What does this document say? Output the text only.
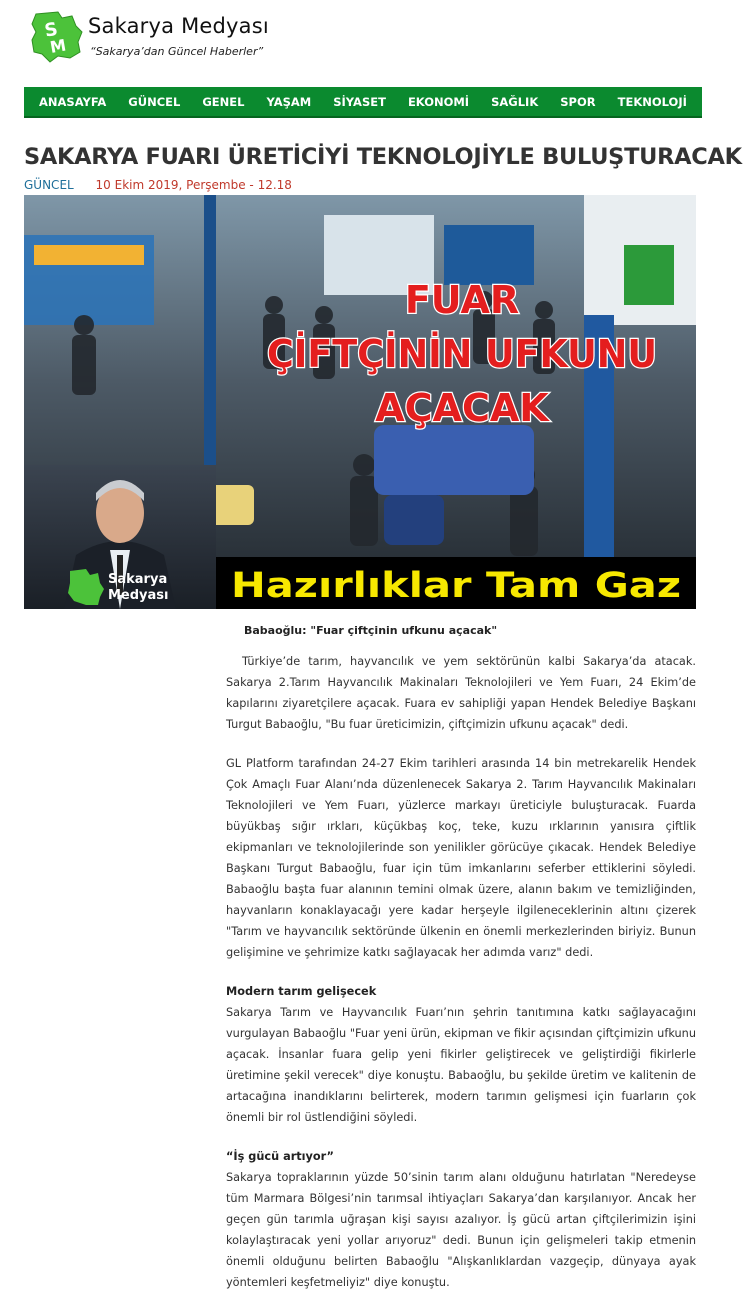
S
M
Sakarya Medyası
“Sakarya’dan Güncel Haberler”
ANASAYFA GÜNCEL GENEL YAŞAM SİYASET EKONOMİ SAĞLIK SPOR TEKNOLOJİ
SAKARYA FUARI ÜRETİCİYİ TEKNOLOJİYLE BULUŞTURACAK
GÜNCEL 10 Ekim 2019, Perşembe - 12.18
FUAR
ÇİFTÇİNİN UFKUNU
AÇACAK
Sakarya
Medyası Hazırlıklar Tam Gaz
Babaoğlu: "Fuar çiftçinin ufkunu açacak"

Türkiye’de tarım, hayvancılık ve yem sektörünün kalbi Sakarya’da atacak. Sakarya 2.Tarım Hayvancılık Makinaları Teknolojileri ve Yem Fuarı, 24 Ekim’de kapılarını ziyaretçilere açacak. Fuara ev sahipliği yapan Hendek Belediye Başkanı Turgut Babaoğlu, "Bu fuar üreticimizin, çiftçimizin ufkunu açacak" dedi.

GL Platform tarafından 24-27 Ekim tarihleri arasında 14 bin metrekarelik Hendek Çok Amaçlı Fuar Alanı’nda düzenlenecek Sakarya 2. Tarım Hayvancılık Makinaları Teknolojileri ve Yem Fuarı, yüzlerce markayı üreticiyle buluşturacak. Fuarda büyükbaş sığır ırkları, küçükbaş koç, teke, kuzu ırklarının yanısıra çiftlik ekipmanları ve teknolojilerinde son yenilikler görücüye çıkacak. Hendek Belediye Başkanı Turgut Babaoğlu, fuar için tüm imkanlarını seferber ettiklerini söyledi. Babaoğlu başta fuar alanının temini olmak üzere, alanın bakım ve temizliğinden, hayvanların konaklayacağı yere kadar herşeyle ilgileneceklerinin altını çizerek "Tarım ve hayvancılık sektöründe ülkenin en önemli merkezlerinden biriyiz. Bunun gelişimine ve şehrimize katkı sağlayacak her adımda varız" dedi.

Modern tarım gelişecek

Sakarya Tarım ve Hayvancılık Fuarı’nın şehrin tanıtımına katkı sağlayacağını vurgulayan Babaoğlu "Fuar yeni ürün, ekipman ve fikir açısından çiftçimizin ufkunu açacak. İnsanlar fuara gelip yeni fikirler geliştirecek ve geliştirdiği fikirlerle üretimine şekil verecek" diye konuştu. Babaoğlu, bu şekilde üretim ve kalitenin de artacağına inandıklarını belirterek, modern tarımın gelişmesi için fuarların çok önemli bir rol üstlendiğini söyledi.

“İş gücü artıyor”

Sakarya topraklarının yüzde 50’sinin tarım alanı olduğunu hatırlatan "Neredeyse tüm Marmara Bölgesi’nin tarımsal ihtiyaçları Sakarya’dan karşılanıyor. Ancak her geçen gün tarımla uğraşan kişi sayısı azalıyor. İş gücü artan çiftçilerimizin işini kolaylaştıracak yeni yollar arıyoruz" dedi. Bunun için gelişmeleri takip etmenin önemli olduğunu belirten Babaoğlu "Alışkanlıklardan vazgeçip, dünyaya ayak yöntemleri keşfetmeliyiz" diye konuştu.
